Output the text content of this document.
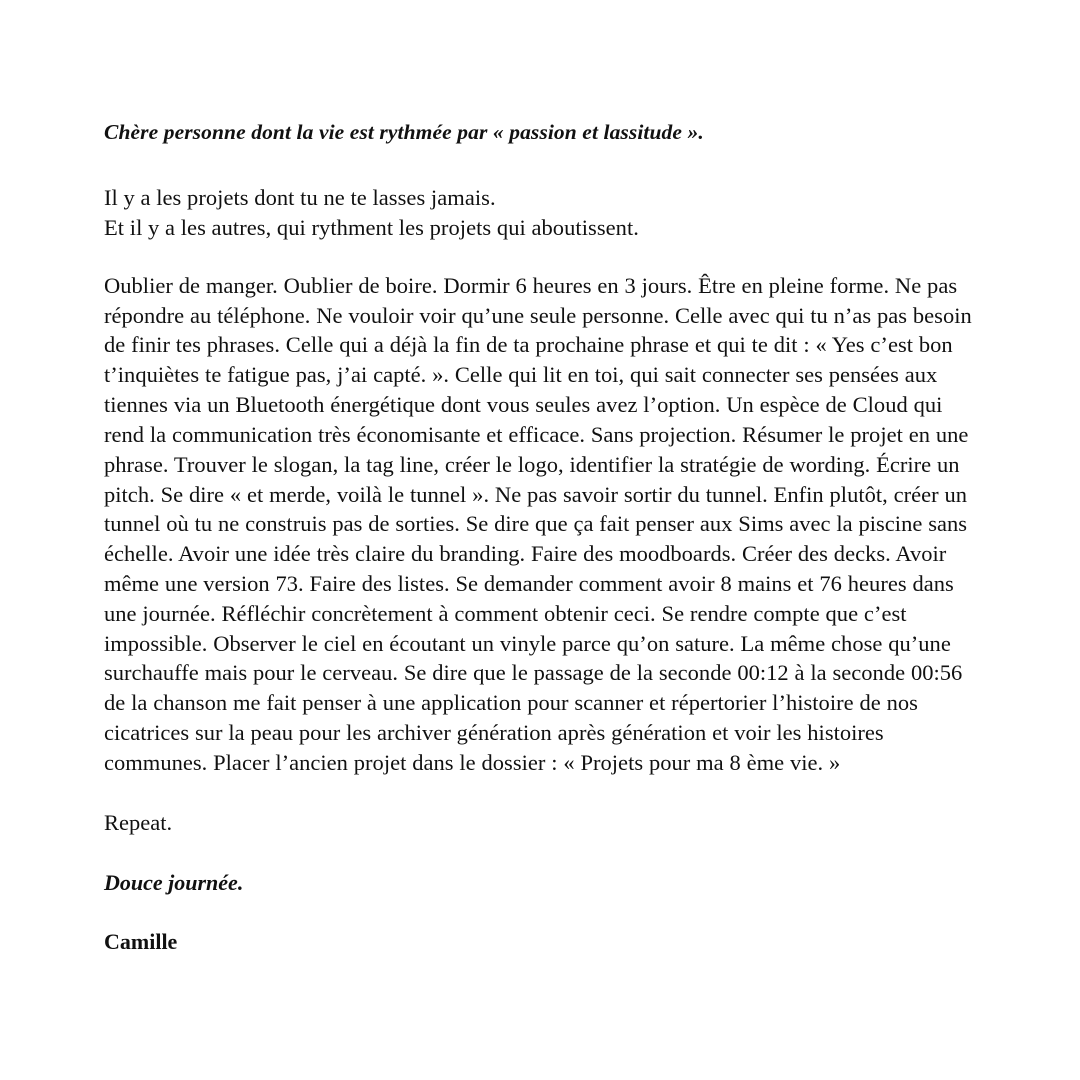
Chère personne dont la vie est rythmée par « passion et lassitude ».

Il y a les projets dont tu ne te lasses jamais.
Et il y a les autres, qui rythment les projets qui aboutissent.

Oublier de manger. Oublier de boire. Dormir 6 heures en 3 jours. Être en pleine forme. Ne pas répondre au téléphone. Ne vouloir voir qu’une seule personne. Celle avec qui tu n’as pas besoin de finir tes phrases. Celle qui a déjà la fin de ta prochaine phrase et qui te dit : « Yes c’est bon t’inquiètes te fatigue pas, j’ai capté. ». Celle qui lit en toi, qui sait connecter ses pensées aux tiennes via un Bluetooth énergétique dont vous seules avez l’option. Un espèce de Cloud qui rend la communication très économisante et efficace. Sans projection. Résumer le projet en une phrase. Trouver le slogan, la tag line, créer le logo, identifier la stratégie de wording. Écrire un pitch. Se dire « et merde, voilà le tunnel ». Ne pas savoir sortir du tunnel. Enfin plutôt, créer un tunnel où tu ne construis pas de sorties. Se dire que ça fait penser aux Sims avec la piscine sans échelle. Avoir une idée très claire du branding. Faire des moodboards. Créer des decks. Avoir même une version 73. Faire des listes. Se demander comment avoir 8 mains et 76 heures dans une journée. Réfléchir concrètement à comment obtenir ceci. Se rendre compte que c’est impossible. Observer le ciel en écoutant un vinyle parce qu’on sature. La même chose qu’une surchauffe mais pour le cerveau. Se dire que le passage de la seconde 00:12 à la seconde 00:56 de la chanson me fait penser à une application pour scanner et répertorier l’histoire de nos cicatrices sur la peau pour les archiver génération après génération et voir les histoires communes. Placer l’ancien projet dans le dossier : « Projets pour ma 8 ème vie. »

Repeat.

Douce journée.

Camille
